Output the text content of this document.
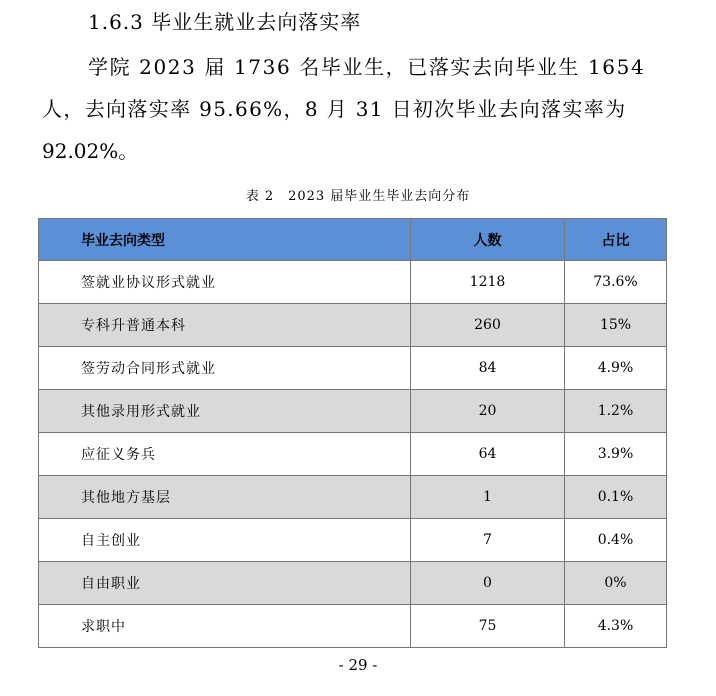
1.6.3 毕业生就业去向落实率
学院 2023 届 1736 名毕业生，已落实去向毕业生 1654
人，去向落实率 95.66%，8 月 31 日初次毕业去向落实率为
92.02%。
表 2　2023 届毕业生毕业去向分布
毕业去向类型	人数	占比
签就业协议形式就业	1218	73.6%
专科升普通本科	260	15%
签劳动合同形式就业	84	4.9%
其他录用形式就业	20	1.2%
应征义务兵	64	3.9%
其他地方基层	1	0.1%
自主创业	7	0.4%
自由职业	0	0%
求职中	75	4.3%
- 29 -
